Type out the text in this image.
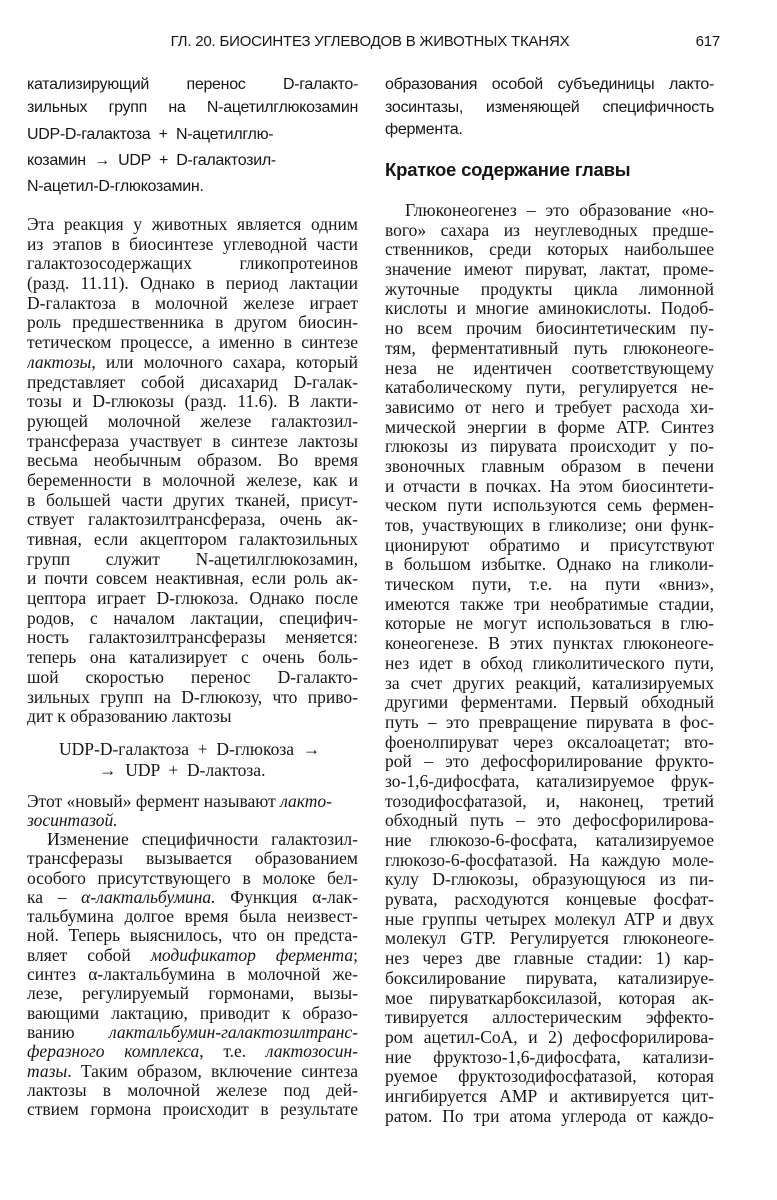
ГЛ. 20. БИОСИНТЕЗ УГЛЕВОДОВ В ЖИВОТНЫХ ТКАНЯХ	617
катализирующий перенос D-галакто-
зильных групп на N-ацетилглюкозамин
UDP-D-галактоза  +  N-ацетилглю-
козамин  →  UDP  +  D-галактозил-
N-ацетил-D-глюкозамин.
Эта реакция у животных является одним
из этапов в биосинтезе углеводной части
галактозосодержащих гликопротеинов
(разд. 11.11). Однако в период лактации
D-галактоза в молочной железе играет
роль предшественника в другом биосин-
тетическом процессе, а именно в синтезе
лактозы, или молочного сахара, который
представляет собой дисахарид D-галак-
тозы и D-глюкозы (разд. 11.6). В лакти-
рующей молочной железе галактозил-
трансфераза участвует в синтезе лактозы
весьма необычным образом. Во время
беременности в молочной железе, как и
в большей части других тканей, присут-
ствует галактозилтрансфераза, очень ак-
тивная, если акцептором галактозильных
групп служит N-ацетилглюкозамин,
и почти совсем неактивная, если роль ак-
цептора играет D-глюкоза. Однако после
родов, с началом лактации, специфич-
ность галактозилтрансферазы меняется:
теперь она катализирует с очень боль-
шой скоростью перенос D-галакто-
зильных групп на D-глюкозу, что приво-
дит к образованию лактозы
UDP-D-галактоза  +  D-глюкоза  →
→  UDP  +  D-лактоза.
Этот «новый» фермент называют лакто-
зосинтазой.
Изменение специфичности галактозил-
трансферазы вызывается образованием
особого присутствующего в молоке бел-
ка – α-лактальбумина. Функция α-лак-
тальбумина долгое время была неизвест-
ной. Теперь выяснилось, что он предста-
вляет собой модификатор фермента;
синтез α-лактальбумина в молочной же-
лезе, регулируемый гормонами, вызы-
вающими лактацию, приводит к образо-
ванию лактальбумин-галактозилтранс-
феразного комплекса, т.е. лактозосин-
тазы. Таким образом, включение синтеза
лактозы в молочной железе под дей-
ствием гормона происходит в результате
образования особой субъединицы лакто-
зосинтазы, изменяющей специфичность
фермента.
Краткое содержание главы
Глюконеогенез – это образование «но-
вого» сахара из неуглеводных предше-
ственников, среди которых наибольшее
значение имеют пируват, лактат, проме-
жуточные продукты цикла лимонной
кислоты и многие аминокислоты. Подоб-
но всем прочим биосинтетическим пу-
тям, ферментативный путь глюконеоге-
неза не идентичен соответствующему
катаболическому пути, регулируется не-
зависимо от него и требует расхода хи-
мической энергии в форме ATP. Синтез
глюкозы из пирувата происходит у по-
звоночных главным образом в печени
и отчасти в почках. На этом биосинтети-
ческом пути используются семь фермен-
тов, участвующих в гликолизе; они функ-
ционируют обратимо и присутствуют
в большом избытке. Однако на гликоли-
тическом пути, т.е. на пути «вниз»,
имеются также три необратимые стадии,
которые не могут использоваться в глю-
конеогенезе. В этих пунктах глюконеоге-
нез идет в обход гликолитического пути,
за счет других реакций, катализируемых
другими ферментами. Первый обходный
путь – это превращение пирувата в фос-
фоенолпируват через оксалоацетат; вто-
рой – это дефосфорилирование фрукто-
зо-1,6-дифосфата, катализируемое фрук-
тозодифосфатазой, и, наконец, третий
обходный путь – это дефосфорилирова-
ние глюкозо-6-фосфата, катализируемое
глюкозо-6-фосфатазой. На каждую моле-
кулу D-глюкозы, образующуюся из пи-
рувата, расходуются концевые фосфат-
ные группы четырех молекул ATP и двух
молекул GTP. Регулируется глюконеоге-
нез через две главные стадии: 1) кар-
боксилирование пирувата, катализируе-
мое пируваткарбоксилазой, которая ак-
тивируется аллостерическим эффекто-
ром ацетил-CoA, и 2) дефосфорилирова-
ние фруктозо-1,6-дифосфата, катализи-
руемое фруктозодифосфатазой, которая
ингибируется AMP и активируется цит-
ратом. По три атома углерода от каждо-
